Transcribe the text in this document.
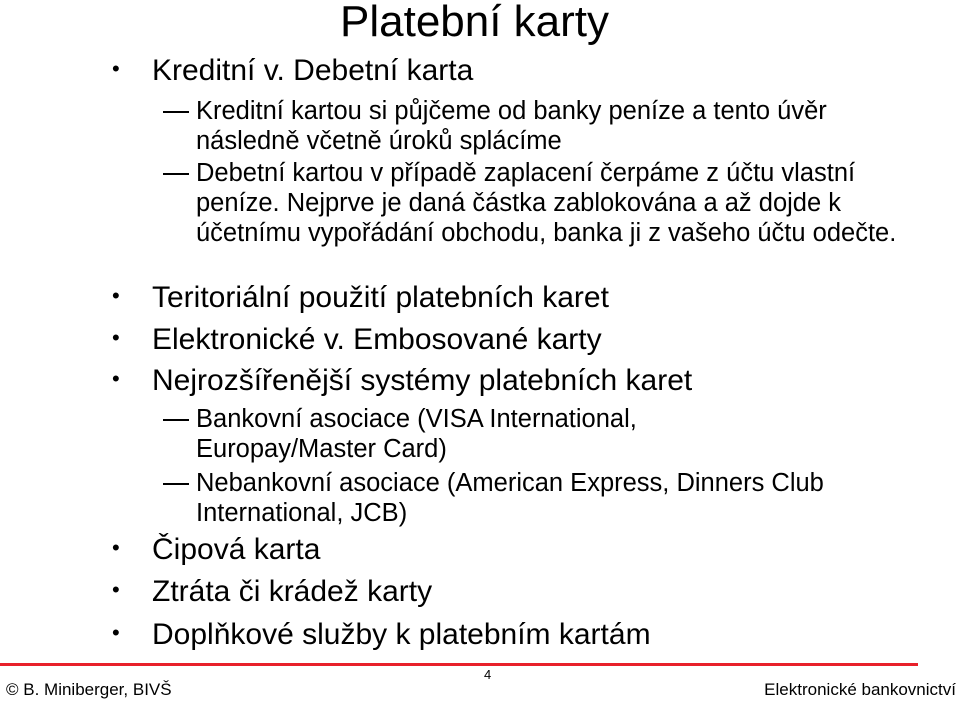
Platební karty
• Kreditní v. Debetní karta
Kreditní kartou si půjčeme od banky peníze a tento úvěr následně včetně úroků splácíme
Debetní kartou v případě zaplacení čerpáme z účtu vlastní peníze. Nejprve je daná částka zablokována a až dojde k účetnímu vypořádání obchodu, banka ji z vašeho účtu odečte.
• Teritoriální použití platebních karet
• Elektronické v. Embosované karty
• Nejrozšířenější systémy platebních karet
Bankovní asociace (VISA International, Europay/Master Card)
Nebankovní asociace (American Express, Dinners Club International, JCB)
• Čipová karta
• Ztráta či krádež karty
• Doplňkové služby k platebním kartám
4
© B. Miniberger, BIVŠ	Elektronické bankovnictví
